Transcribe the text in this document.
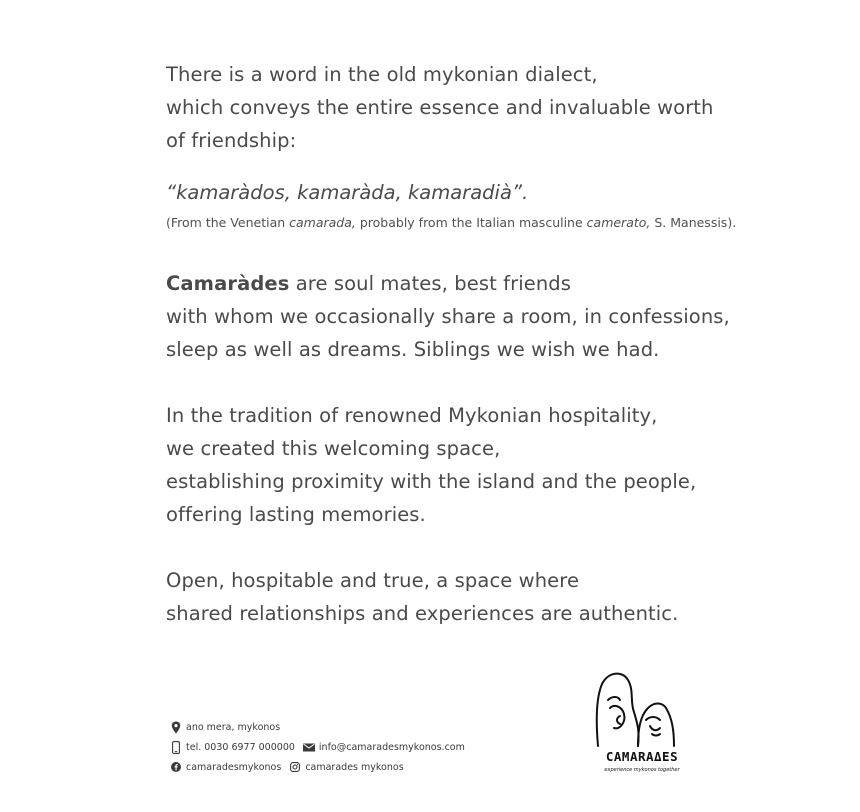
There is a word in the old mykonian dialect,
which conveys the entire essence and invaluable worth
of friendship:

“kamaràdos, kamaràda, kamaradià”.

(From the Venetian camarada, probably from the Italian masculine camerato, S. Manessis).

Camaràdes are soul mates, best friends
with whom we occasionally share a room, in confessions,
sleep as well as dreams. Siblings we wish we had.

In the tradition of renowned Mykonian hospitality,
we created this welcoming space,
establishing proximity with the island and the people,
offering lasting memories.

Open, hospitable and true, a space where
shared relationships and experiences are authentic.

ano mera, mykonos
tel. 0030 6977 000000	info@camaradesmykonos.com
camaradesmykonos	camarades mykonos
CAMARAΔES
experience mykonos together
